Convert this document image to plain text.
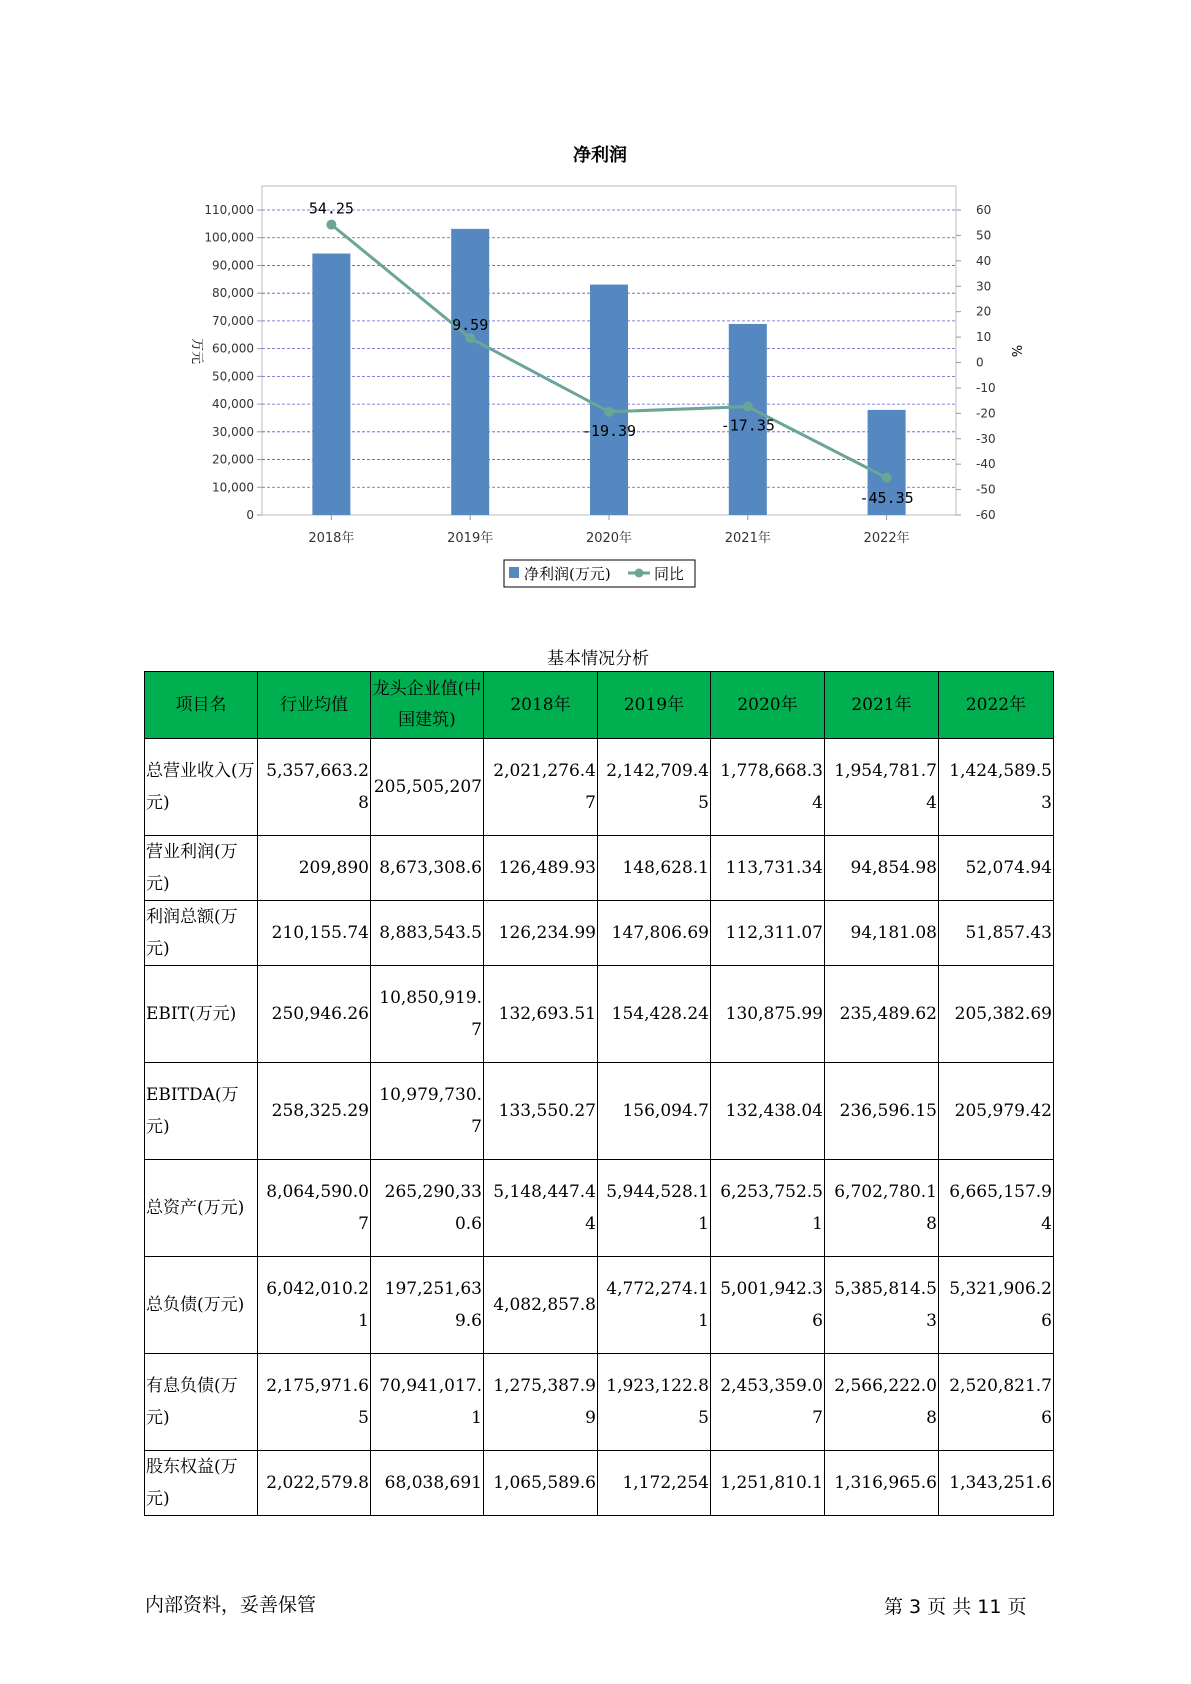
净利润
54.25
9.59
-19.39	-17.35
-45.35
0
10,000
20,000
30,000
40,000
50,000
60,000
70,000
80,000
90,000
100,000
110,000
-60
-50
-40
-30
-20
-10
0
10
20
30
40
50
60
2018年	2019年	2020年	2021年	2022年
万元	%
净利润(万元)	同比
基本情况分析
项目名	行业均值	龙头企业值(中国建筑)	2018年	2019年	2020年	2021年	2022年
总营业收入(万元)	5,357,663.28	205,505,207	2,021,276.47	2,142,709.45	1,778,668.34	1,954,781.74	1,424,589.53
营业利润(万元)	209,890	8,673,308.6	126,489.93	148,628.1	113,731.34	94,854.98	52,074.94
利润总额(万元)	210,155.74	8,883,543.5	126,234.99	147,806.69	112,311.07	94,181.08	51,857.43
EBIT(万元)	250,946.26	10,850,919.7	132,693.51	154,428.24	130,875.99	235,489.62	205,382.69
EBITDA(万元)	258,325.29	10,979,730.7	133,550.27	156,094.7	132,438.04	236,596.15	205,979.42
总资产(万元)	8,064,590.07	265,290,330.6	5,148,447.44	5,944,528.11	6,253,752.51	6,702,780.18	6,665,157.94
总负债(万元)	6,042,010.21	197,251,639.6	4,082,857.8	4,772,274.11	5,001,942.36	5,385,814.53	5,321,906.26
有息负债(万元)	2,175,971.65	70,941,017.1	1,275,387.99	1,923,122.85	2,453,359.07	2,566,222.08	2,520,821.76
股东权益(万元)	2,022,579.8	68,038,691	1,065,589.6	1,172,254	1,251,810.1	1,316,965.6	1,343,251.6
内部资料，妥善保管	第 3 页 共 11 页
